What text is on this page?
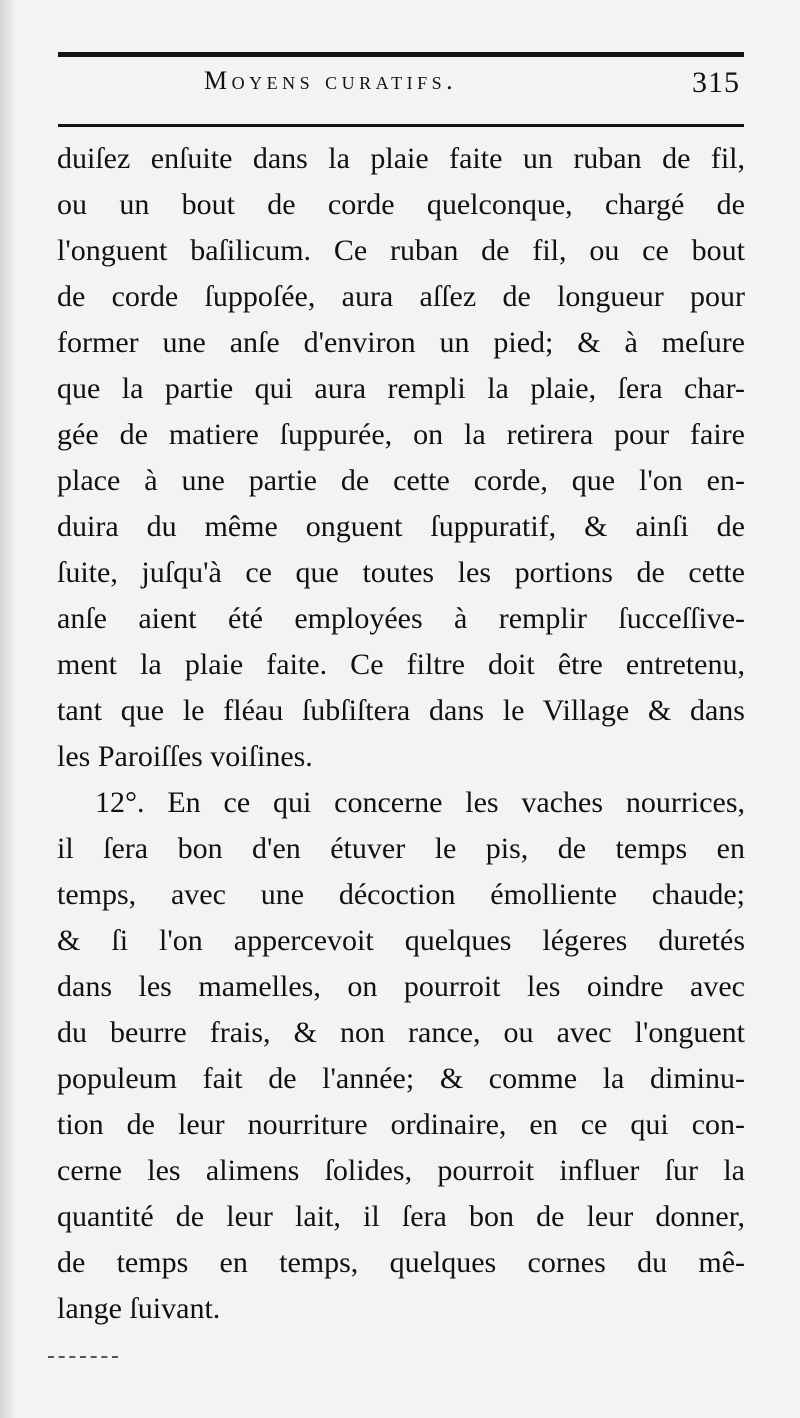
Moyens curatifs.	315
duiſez enſuite dans la plaie faite un ruban de fil,
ou un bout de corde quelconque, chargé de
l'onguent baſilicum. Ce ruban de fil, ou ce bout
de corde ſuppoſée, aura aſſez de longueur pour
former une anſe d'environ un pied; & à meſure
que la partie qui aura rempli la plaie, ſera char-
gée de matiere ſuppurée, on la retirera pour faire
place à une partie de cette corde, que l'on en-
duira du même onguent ſuppuratif, & ainſi de
ſuite, juſqu'à ce que toutes les portions de cette
anſe aient été employées à remplir ſucceſſive-
ment la plaie faite. Ce filtre doit être entretenu,
tant que le fléau ſubſiſtera dans le Village & dans
les Paroiſſes voiſines.
12°. En ce qui concerne les vaches nourrices,
il ſera bon d'en étuver le pis, de temps en
temps, avec une décoction émolliente chaude;
& ſi l'on appercevoit quelques légeres duretés
dans les mamelles, on pourroit les oindre avec
du beurre frais, & non rance, ou avec l'onguent
populeum fait de l'année; & comme la diminu-
tion de leur nourriture ordinaire, en ce qui con-
cerne les alimens ſolides, pourroit influer ſur la
quantité de leur lait, il ſera bon de leur donner,
de temps en temps, quelques cornes du mê-
lange ſuivant.
